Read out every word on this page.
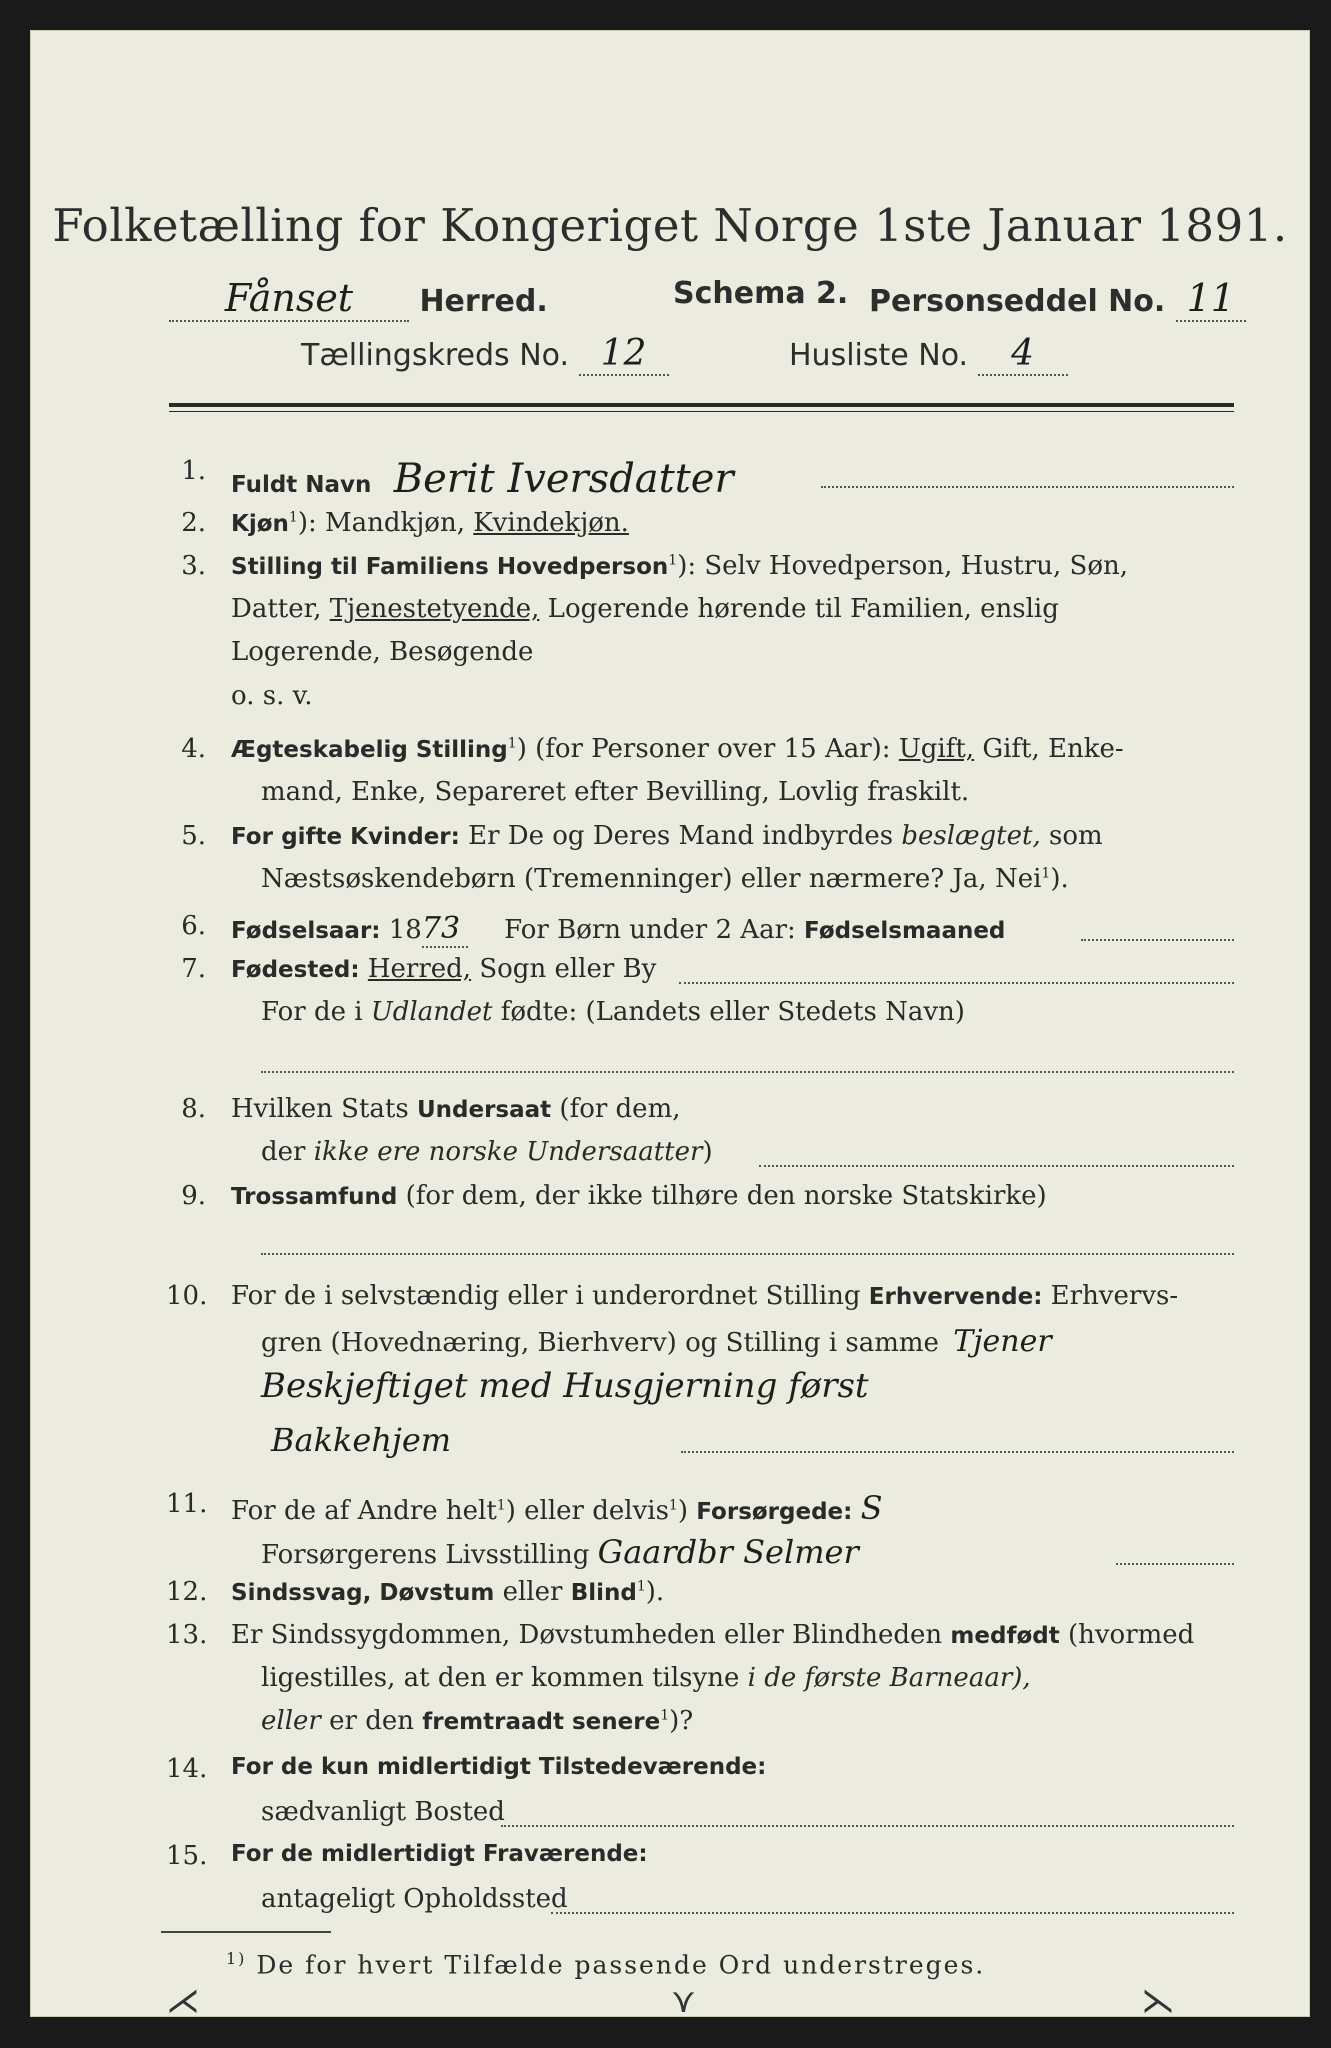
Folketælling for Kongeriget Norge 1ste Januar 1891.
Fånset Herred.	Schema 2. Personseddel No. 11
Tællingskreds No. 12	Husliste No. 4
1. Fuldt Navn Berit Iversdatter
2. Kjøn$^1$): Mandkjøn, Kvindekjøn.
3. Stilling til Familiens Hovedperson$^1$): Selv Hovedperson, Hustru, Søn,
Datter, Tjenestetyende, Logerende hørende til Familien, enslig
Logerende, Besøgende
o. s. v.
4. Ægteskabelig Stilling$^1$) (for Personer over 15 Aar): Ugift, Gift, Enke-
mand, Enke, Separeret efter Bevilling, Lovlig fraskilt.
5. For gifte Kvinder: Er De og Deres Mand indbyrdes beslægtet, som
Næstsøskendebørn (Tremenninger) eller nærmere? Ja, Nei$^1$).
6. Fødselsaar: 1873 For Børn under 2 Aar: Fødselsmaaned
7. Fødested: Herred, Sogn eller By
For de i Udlandet fødte: (Landets eller Stedets Navn)
8. Hvilken Stats Undersaat (for dem,
der ikke ere norske Undersaatter)
9. Trossamfund (for dem, der ikke tilhøre den norske Statskirke)
10. For de i selvstændig eller i underordnet Stilling Erhvervende: Erhvervs-
gren (Hovednæring, Bierhverv) og Stilling i samme Tjener
Beskjeftiget med Husgjerning først
Bakkehjem
11. For de af Andre helt$^1$) eller delvis$^1$) Forsørgede: S
Forsørgerens Livsstilling Gaardbr Selmer
12. Sindssvag, Døvstum eller Blind$^1$).
13. Er Sindssygdommen, Døvstumheden eller Blindheden medfødt (hvormed
ligestilles, at den er kommen tilsyne i de første Barneaar),
eller er den fremtraadt senere$^1$)?
14. For de kun midlertidigt Tilstedeværende:
sædvanligt Bosted
15. For de midlertidigt Fraværende:
antageligt Opholdssted
$^{1)}$ De for hvert Tilfælde passende Ord understreges.
⋌	⋎	⋋
